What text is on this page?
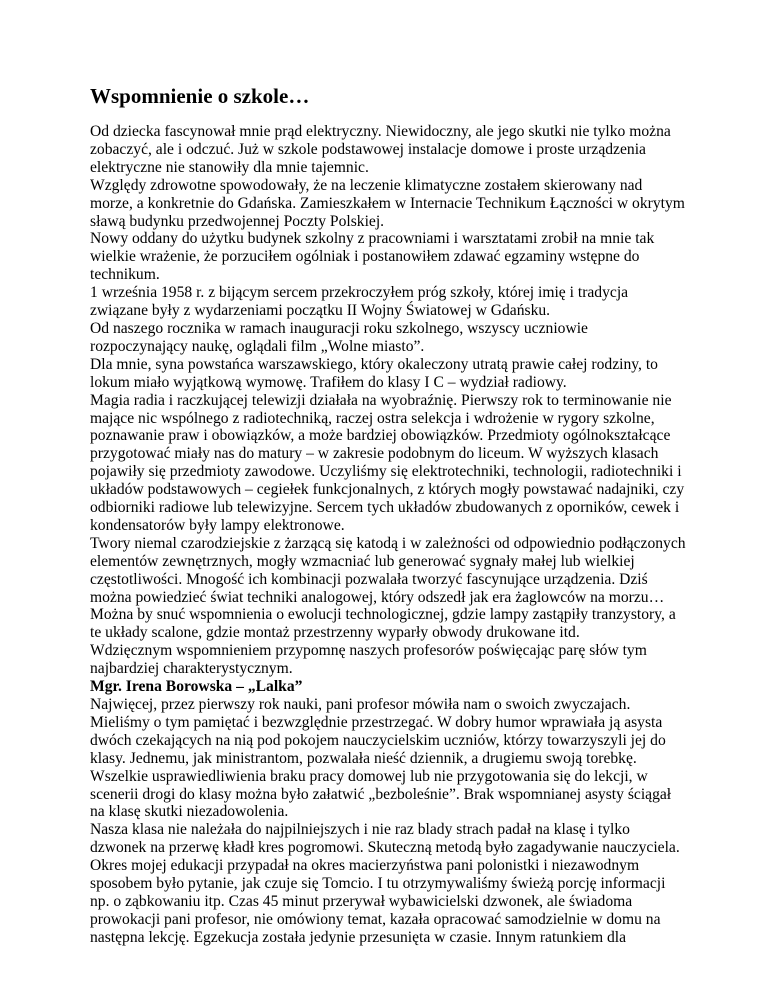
Wspomnienie o szkole…

Od dziecka fascynował mnie prąd elektryczny. Niewidoczny, ale jego skutki nie tylko można zobaczyć, ale i odczuć. Już w szkole podstawowej instalacje domowe i proste urządzenia elektryczne nie stanowiły dla mnie tajemnic.

Względy zdrowotne spowodowały, że na leczenie klimatyczne zostałem skierowany nad morze, a konkretnie do Gdańska. Zamieszkałem w Internacie Technikum Łączności w okrytym sławą budynku przedwojennej Poczty Polskiej.

Nowy oddany do użytku budynek szkolny z pracowniami i warsztatami zrobił na mnie tak wielkie wrażenie, że porzuciłem ogólniak i postanowiłem zdawać egzaminy wstępne do technikum.

1 września 1958 r. z bijącym sercem przekroczyłem próg szkoły, której imię i tradycja związane były z wydarzeniami początku II Wojny Światowej w Gdańsku.

Od naszego rocznika w ramach inauguracji roku szkolnego, wszyscy uczniowie rozpoczynający naukę, oglądali film „Wolne miasto”.

Dla mnie, syna powstańca warszawskiego, który okaleczony utratą prawie całej rodziny, to lokum miało wyjątkową wymowę. Trafiłem do klasy I C – wydział radiowy.

Magia radia i raczkującej telewizji działała na wyobraźnię. Pierwszy rok to terminowanie nie mające nic wspólnego z radiotechniką, raczej ostra selekcja i wdrożenie w rygory szkolne, poznawanie praw i obowiązków, a może bardziej obowiązków. Przedmioty ogólnokształcące przygotować miały nas do matury – w zakresie podobnym do liceum. W wyższych klasach pojawiły się przedmioty zawodowe. Uczyliśmy się elektrotechniki, technologii, radiotechniki i układów podstawowych – cegiełek funkcjonalnych, z których mogły powstawać nadajniki, czy odbiorniki radiowe lub telewizyjne. Sercem tych układów zbudowanych z oporników, cewek i kondensatorów były lampy elektronowe.

Twory niemal czarodziejskie z żarzącą się katodą i w zależności od odpowiednio podłączonych elementów zewnętrznych, mogły wzmacniać lub generować sygnały małej lub wielkiej częstotliwości. Mnogość ich kombinacji pozwalała tworzyć fascynujące urządzenia. Dziś można powiedzieć świat techniki analogowej, który odszedł jak era żaglowców na morzu…

Można by snuć wspomnienia o ewolucji technologicznej, gdzie lampy zastąpiły tranzystory, a te układy scalone, gdzie montaż przestrzenny wyparły obwody drukowane itd.

Wdzięcznym wspomnieniem przypomnę naszych profesorów poświęcając parę słów tym najbardziej charakterystycznym.

Mgr. Irena Borowska – „Lalka”

Najwięcej, przez pierwszy rok nauki, pani profesor mówiła nam o swoich zwyczajach. Mieliśmy o tym pamiętać i bezwzględnie przestrzegać. W dobry humor wprawiała ją asysta dwóch czekających na nią pod pokojem nauczycielskim uczniów, którzy towarzyszyli jej do klasy. Jednemu, jak ministrantom, pozwalała nieść dziennik, a drugiemu swoją torebkę. Wszelkie usprawiedliwienia braku pracy domowej lub nie przygotowania się do lekcji, w scenerii drogi do klasy można było załatwić „bezboleśnie”. Brak wspomnianej asysty ściągał na klasę skutki niezadowolenia.

Nasza klasa nie należała do najpilniejszych i nie raz blady strach padał na klasę i tylko dzwonek na przerwę kładł kres pogromowi. Skuteczną metodą było zagadywanie nauczyciela.

Okres mojej edukacji przypadał na okres macierzyństwa pani polonistki i niezawodnym sposobem było pytanie, jak czuje się Tomcio. I tu otrzymywaliśmy świeżą porcję informacji np. o ząbkowaniu itp. Czas 45 minut przerywał wybawicielski dzwonek, ale świadoma prowokacji pani profesor, nie omówiony temat, kazała opracować samodzielnie w domu na następna lekcję. Egzekucja została jedynie przesunięta w czasie. Innym ratunkiem dla
